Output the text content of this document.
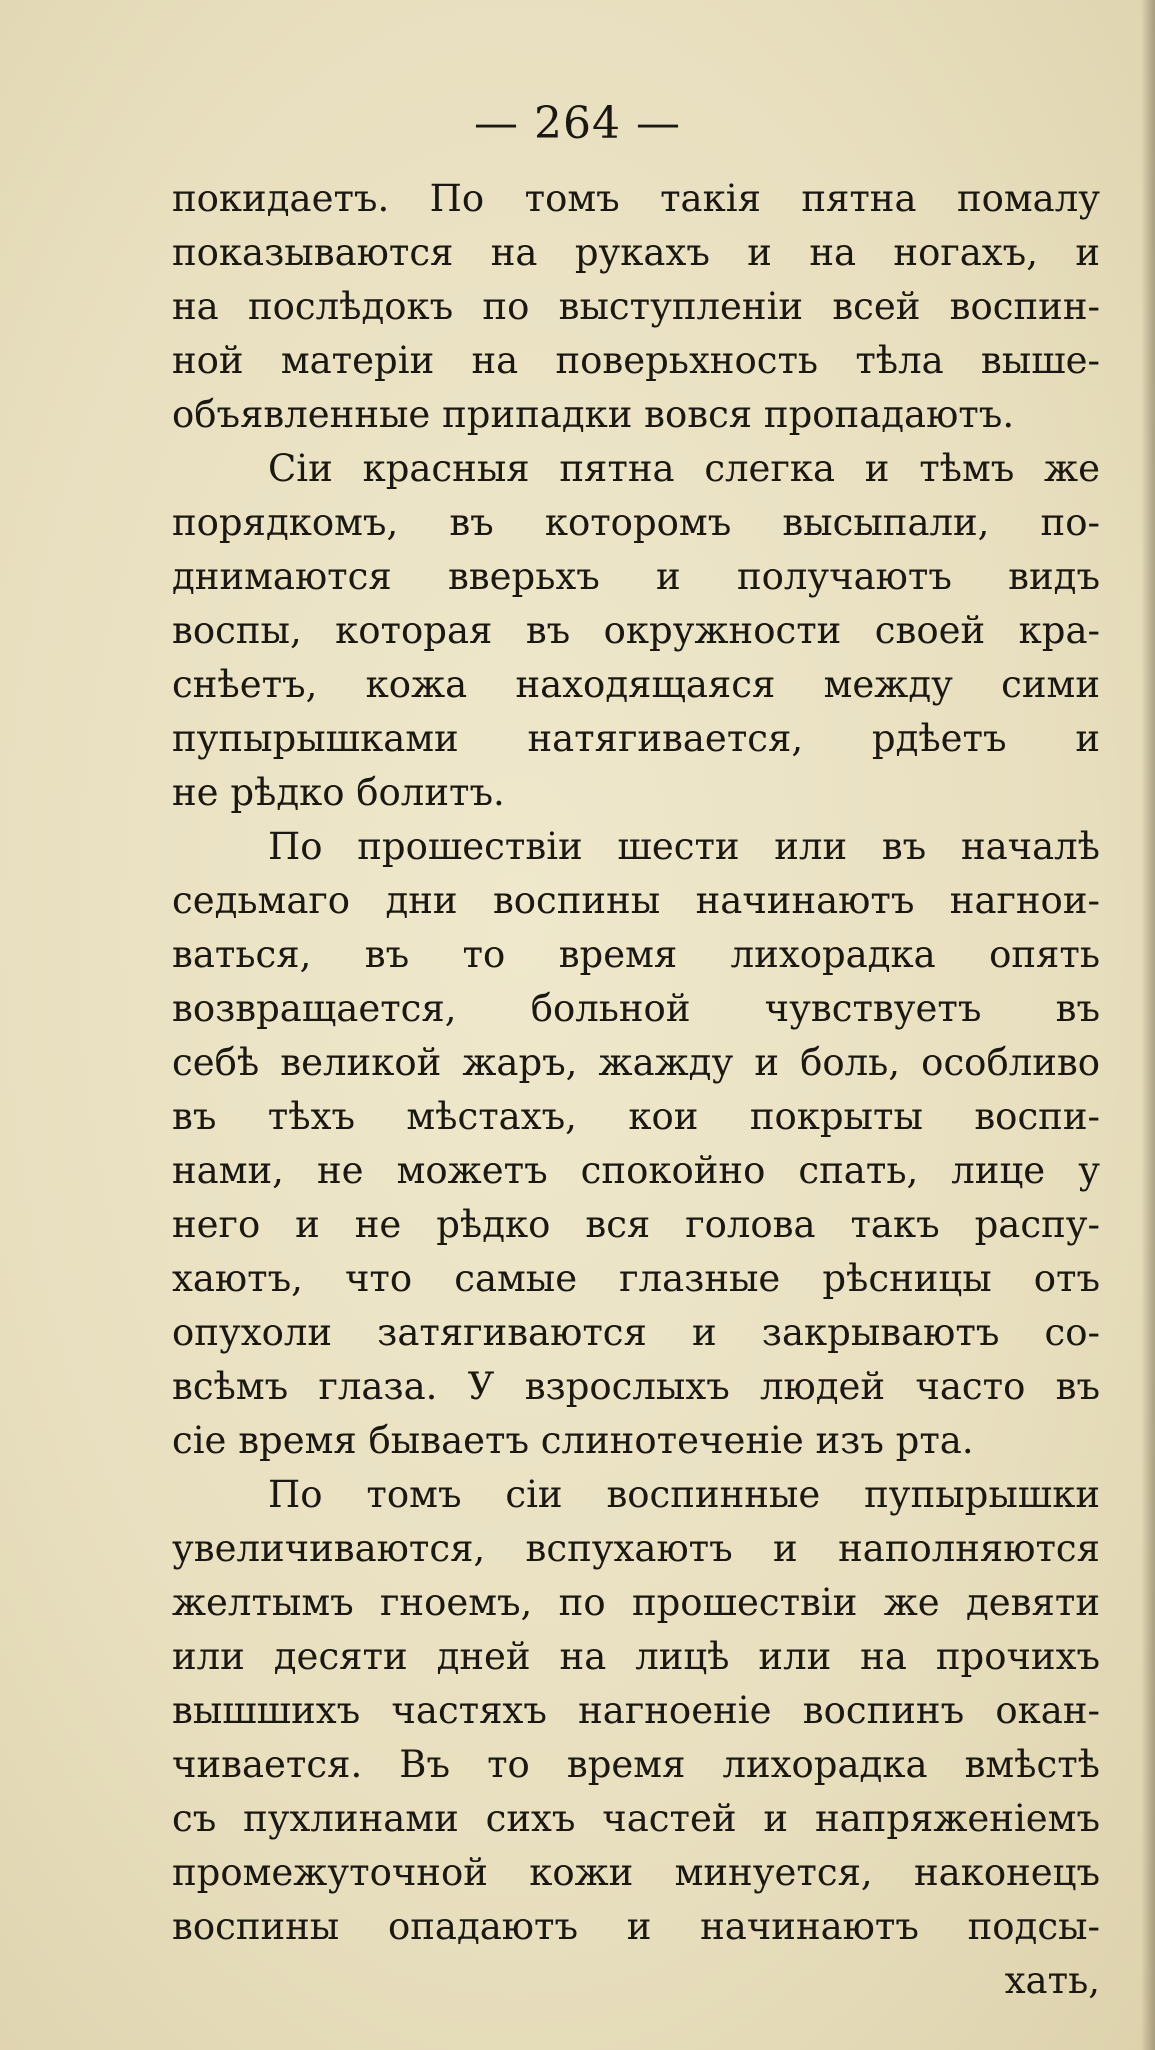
— 264 —
покидаетъ. По томъ такія пятна помалу
показываются на рукахъ и на ногахъ, и
на послѣдокъ по выступленіи всей воспин-
ной матеріи на поверьхность тѣла выше-
объявленные припадки вовся пропадаютъ.
Сіи красныя пятна слегка и тѣмъ же
порядкомъ, въ которомъ высыпали, по-
днимаются вверьхъ и получаютъ видъ
воспы, которая въ окружности своей кра-
снѣетъ, кожа находящаяся между сими
пупырышками натягивается, рдѣетъ и
не рѣдко болитъ.
По прошествіи шести или въ началѣ
седьмаго дни воспины начинаютъ нагнои-
ваться, въ то время лихорадка опять
возвращается, больной чувствуетъ въ
себѣ великой жаръ, жажду и боль, особливо
въ тѣхъ мѣстахъ, кои покрыты воспи-
нами, не можетъ спокойно спать, лице у
него и не рѣдко вся голова такъ распу-
хаютъ, что самые глазные рѣсницы отъ
опухоли затягиваются и закрываютъ со-
всѣмъ глаза. У взрослыхъ людей часто въ
сіе время бываетъ слинотеченіе изъ рта.
По томъ сіи воспинные пупырышки
увеличиваются, вспухаютъ и наполняются
желтымъ гноемъ, по прошествіи же девяти
или десяти дней на лицѣ или на прочихъ
вышшихъ частяхъ нагноеніе воспинъ окан-
чивается. Въ то время лихорадка вмѣстѣ
съ пухлинами сихъ частей и напряженіемъ
промежуточной кожи минуется, наконецъ
воспины опадаютъ и начинаютъ подсы-
хать,
